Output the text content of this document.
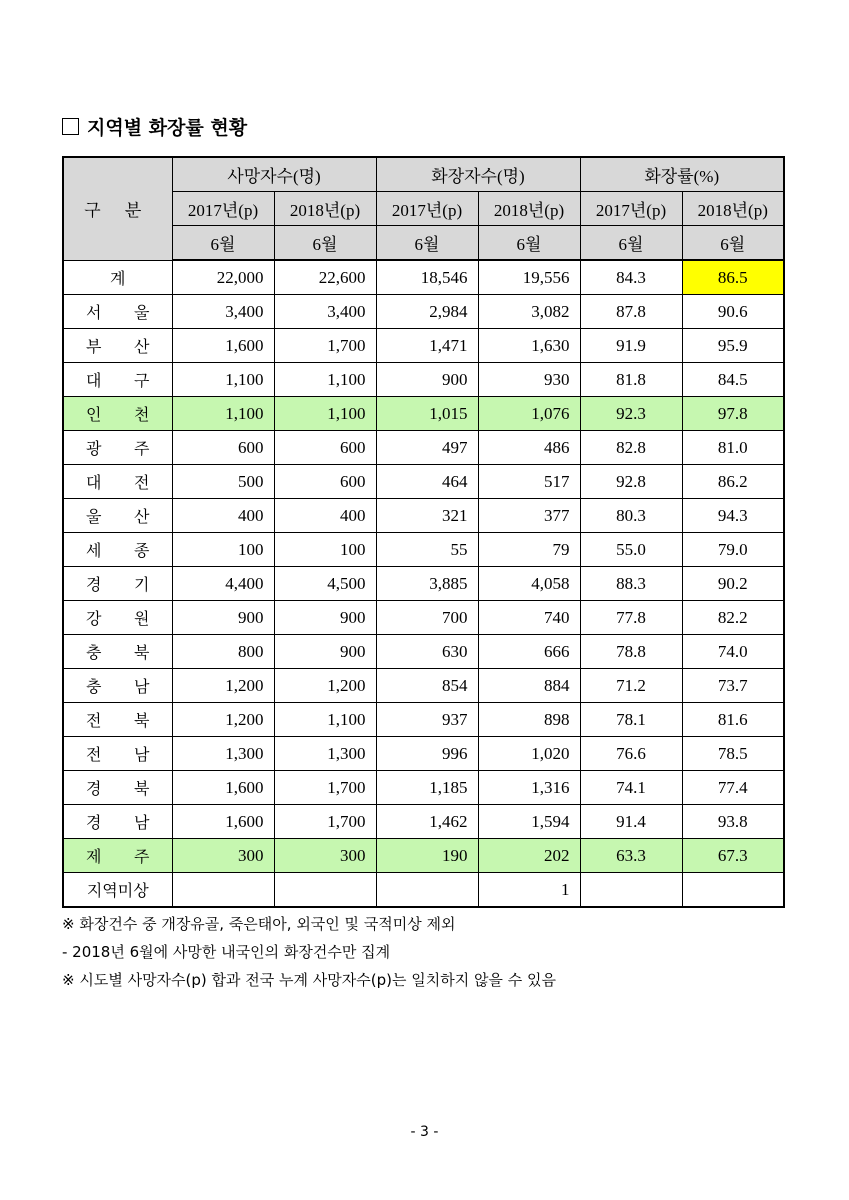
지역별 화장률 현황
구 분	사망자수(명)		화장자수(명)		화장률(%)	
	2017년(p)	2018년(p)	2017년(p)	2018년(p)	2017년(p)	2018년(p)
	6월	6월	6월	6월	6월	6월
계	22,000	22,600	18,546	19,556	84.3	86.5

서 울	3,400	3,400	2,984	3,082	87.8	90.6

부 산	1,600	1,700	1,471	1,630	91.9	95.9

대 구	1,100	1,100	900	930	81.8	84.5

인 천	1,100	1,100	1,015	1,076	92.3	97.8

광 주	600	600	497	486	82.8	81.0

대 전	500	600	464	517	92.8	86.2

울 산	400	400	321	377	80.3	94.3

세 종	100	100	55	79	55.0	79.0

경 기	4,400	4,500	3,885	4,058	88.3	90.2

강 원	900	900	700	740	77.8	82.2

충 북	800	900	630	666	78.8	74.0

충 남	1,200	1,200	854	884	71.2	73.7

전 북	1,200	1,100	937	898	78.1	81.6

전 남	1,300	1,300	996	1,020	76.6	78.5

경 북	1,600	1,700	1,185	1,316	74.1	77.4

경 남	1,600	1,700	1,462	1,594	91.4	93.8

제 주	300	300	190	202	63.3	67.3
지역미상				1		
※ 화장건수 중 개장유골, 죽은태아, 외국인 및 국적미상 제외
- 2018년 6월에 사망한 내국인의 화장건수만 집계
※ 시도별 사망자수(p) 합과 전국 누계 사망자수(p)는 일치하지 않을 수 있음
- 3 -
